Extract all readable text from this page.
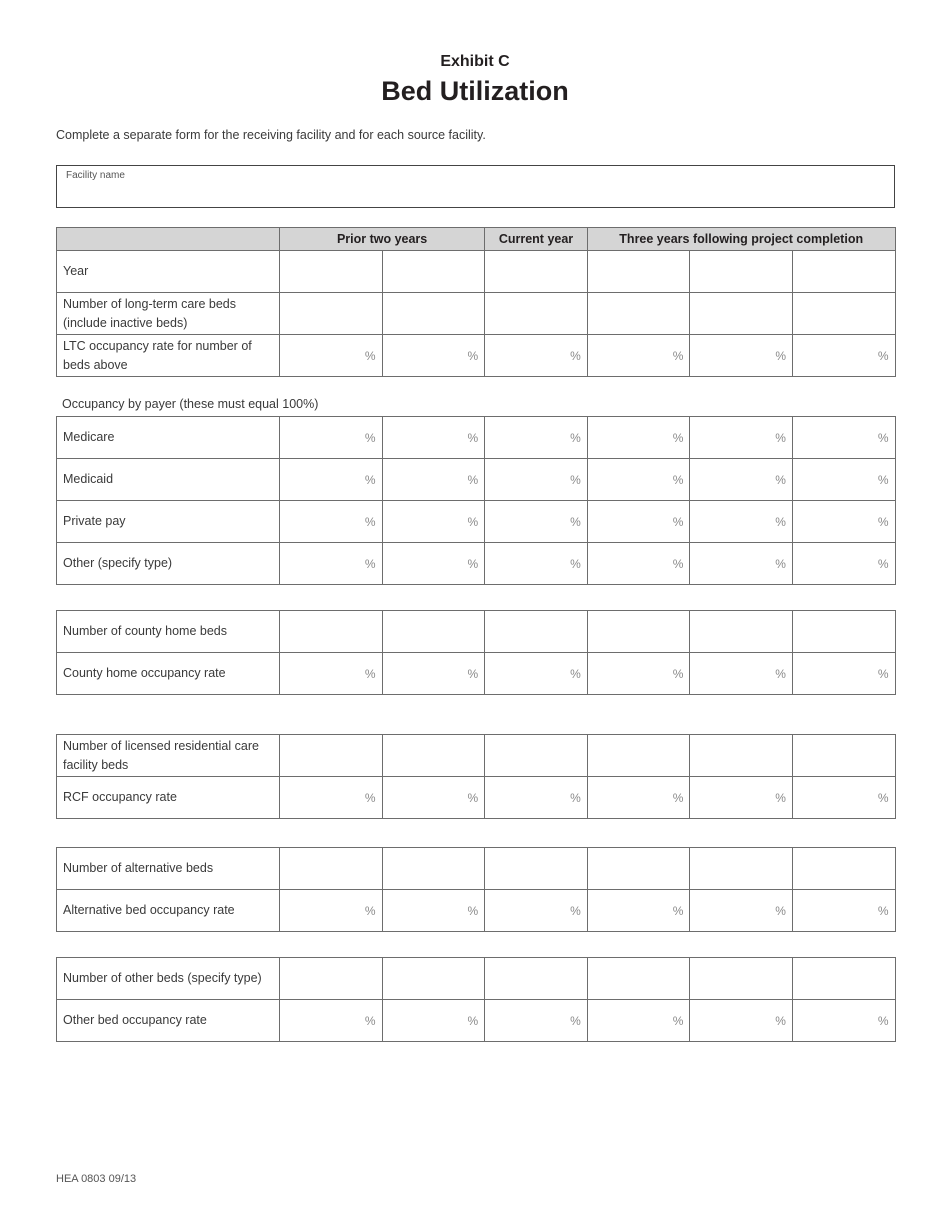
Exhibit C
Bed Utilization
Complete a separate form for the receiving facility and for each source facility.
Facility name
	Prior two years		Current year	Three years following project completion		
Year						
Number of long-term care beds (include inactive beds)						
LTC occupancy rate for number of beds above	%	%	%	%	%	%
Occupancy by payer (these must equal 100%)
Medicare	%	%	%	%	%	%
Medicaid	%	%	%	%	%	%
Private pay	%	%	%	%	%	%
Other (specify type)	%	%	%	%	%	%
Number of county home beds						
County home occupancy rate	%	%	%	%	%	%
Number of licensed residential care facility beds						
RCF occupancy rate	%	%	%	%	%	%
Number of alternative beds						
Alternative bed occupancy rate	%	%	%	%	%	%
Number of other beds (specify type)						
Other bed occupancy rate	%	%	%	%	%	%
HEA 0803 09/13
